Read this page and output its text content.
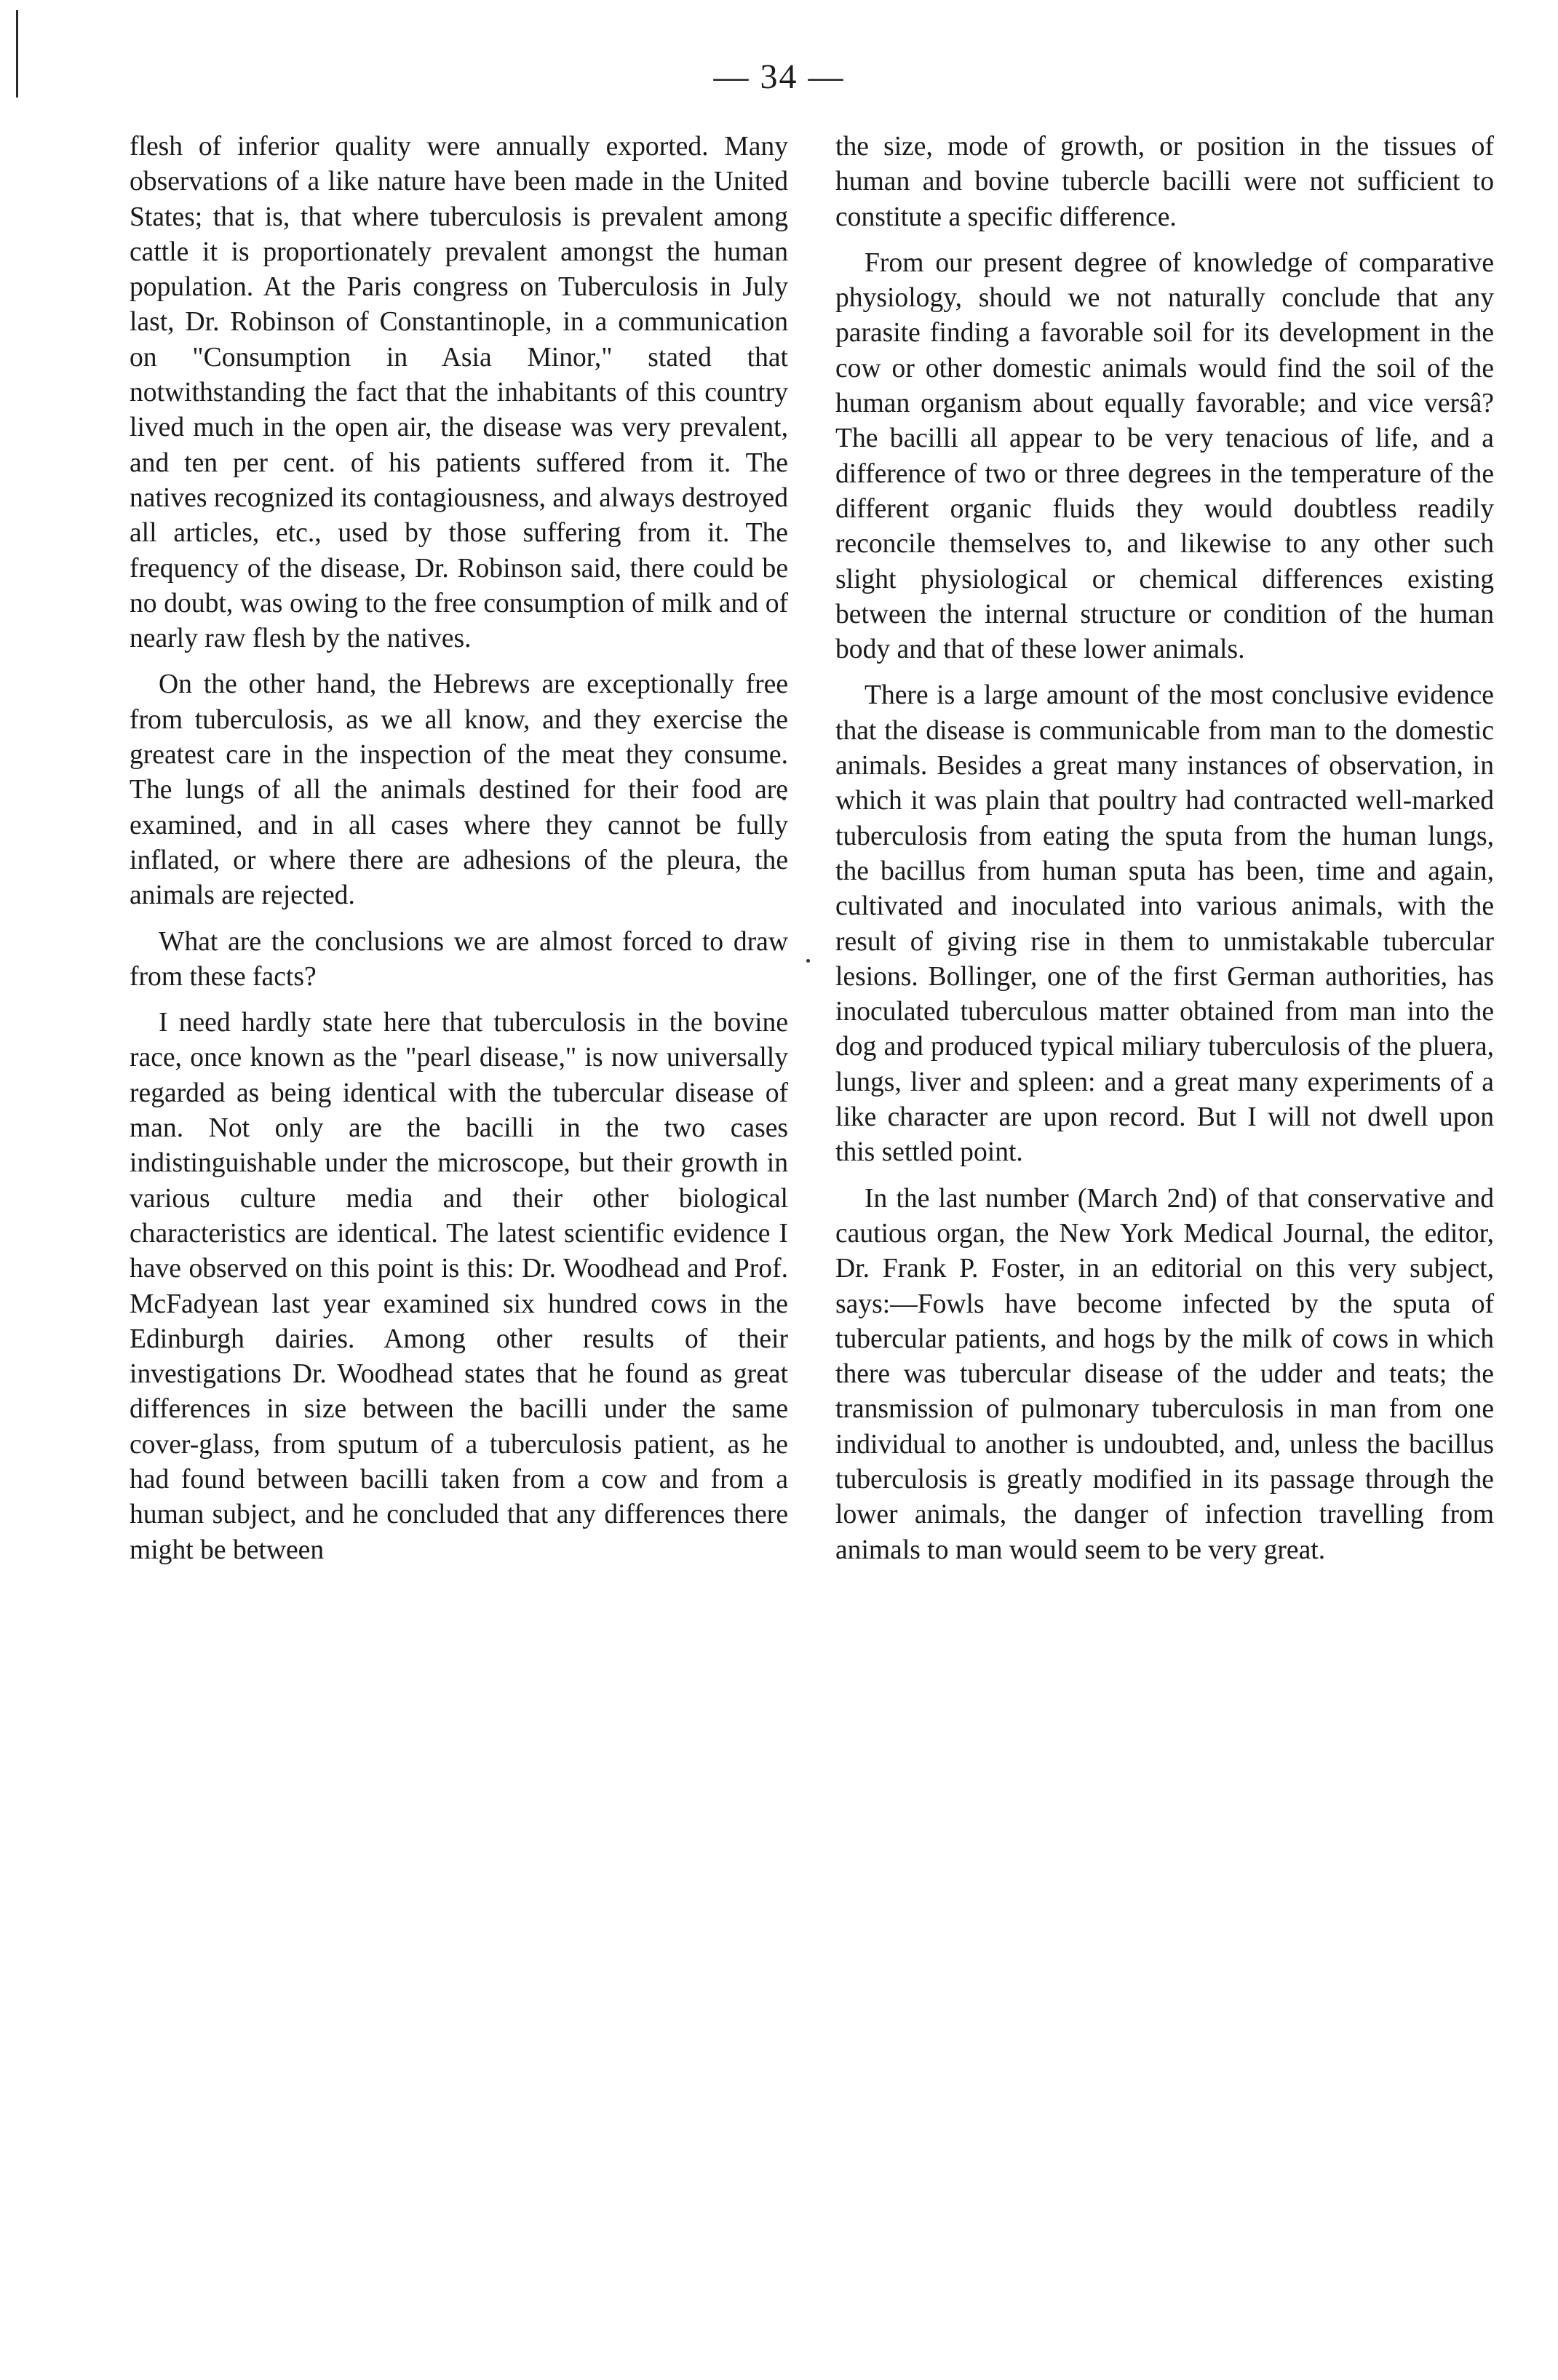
— 34 —

flesh of inferior quality were annually exported. Many observations of a like nature have been made in the United States; that is, that where tuberculosis is prevalent among cattle it is proportionately prevalent amongst the human population. At the Paris congress on Tuberculosis in July last, Dr. Robinson of Constantinople, in a communication on "Consumption in Asia Minor," stated that notwithstanding the fact that the inhabitants of this country lived much in the open air, the disease was very prevalent, and ten per cent. of his patients suffered from it. The natives recognized its contagiousness, and always destroyed all articles, etc., used by those suffering from it. The frequency of the disease, Dr. Robinson said, there could be no doubt, was owing to the free consumption of milk and of nearly raw flesh by the natives.

On the other hand, the Hebrews are exceptionally free from tuberculosis, as we all know, and they exercise the greatest care in the inspection of the meat they consume. The lungs of all the animals destined for their food are examined, and in all cases where they cannot be fully inflated, or where there are adhesions of the pleura, the animals are rejected.

What are the conclusions we are almost forced to draw from these facts?

I need hardly state here that tuberculosis in the bovine race, once known as the "pearl disease," is now universally regarded as being identical with the tubercular disease of man. Not only are the bacilli in the two cases indistinguishable under the microscope, but their growth in various culture media and their other biological characteristics are identical. The latest scientific evidence I have observed on this point is this: Dr. Woodhead and Prof. McFadyean last year examined six hundred cows in the Edinburgh dairies. Among other results of their investigations Dr. Woodhead states that he found as great differences in size between the bacilli under the same cover-glass, from sputum of a tuberculosis patient, as he had found between bacilli taken from a cow and from a human subject, and he concluded that any differences there might be between

the size, mode of growth, or position in the tissues of human and bovine tubercle bacilli were not sufficient to constitute a specific difference.

From our present degree of knowledge of comparative physiology, should we not naturally conclude that any parasite finding a favorable soil for its development in the cow or other domestic animals would find the soil of the human organism about equally favorable; and vice versâ? The bacilli all appear to be very tenacious of life, and a difference of two or three degrees in the temperature of the different organic fluids they would doubtless readily reconcile themselves to, and likewise to any other such slight physiological or chemical differences existing between the internal structure or condition of the human body and that of these lower animals.

There is a large amount of the most conclusive evidence that the disease is communicable from man to the domestic animals. Besides a great many instances of observation, in which it was plain that poultry had contracted well-marked tuberculosis from eating the sputa from the human lungs, the bacillus from human sputa has been, time and again, cultivated and inoculated into various animals, with the result of giving rise in them to unmistakable tubercular lesions. Bollinger, one of the first German authorities, has inoculated tuberculous matter obtained from man into the dog and produced typical miliary tuberculosis of the pluera, lungs, liver and spleen: and a great many experiments of a like character are upon record. But I will not dwell upon this settled point.

In the last number (March 2nd) of that conservative and cautious organ, the New York Medical Journal, the editor, Dr. Frank P. Foster, in an editorial on this very subject, says:—Fowls have become infected by the sputa of tubercular patients, and hogs by the milk of cows in which there was tubercular disease of the udder and teats; the transmission of pulmonary tuberculosis in man from one individual to another is undoubted, and, unless the bacillus tuberculosis is greatly modified in its passage through the lower animals, the danger of infection travelling from animals to man would seem to be very great.
